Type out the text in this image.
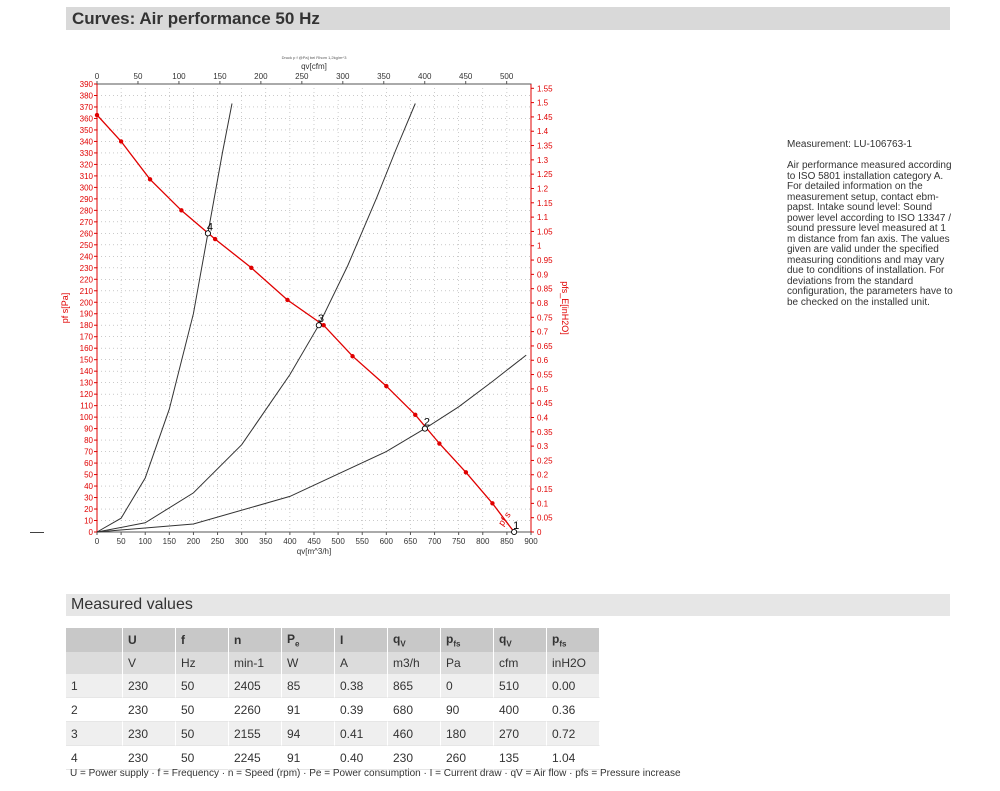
Curves: Air performance 50 Hz
0 50 100 150 200 250 300 350 400 450 500 550 600 650 700 750 800 850 900
0	50	100	150	200	250	300	350	400	450	500
0
10
20
30
40
50
60
70
80
90
100
110
120
130
140
150
160
170
180
190
200
210
220
230
240
250
260
270
280
290
300
310
320
330
340
350
360
370
380
390
0
0.05
0.1
0.15
0.2
0.25
0.3
0.35
0.4
0.45
0.5
0.55
0.6
0.65
0.7
0.75
0.8
0.85
0.9
0.95
1
1.05
1.1
1.15
1.2
1.25
1.3
1.35
1.4
1.45
1.5
1.55
qv[m^3/h]
qv[cfm]
Druck p f @Pa] bei Rhom 1,2kg/m^3
pf s[Pa]	pfs_E[inH2O]
1
2
3
4
pf s
—
Measurement: LU-106763-1
Air performance measured according to ISO 5801 installation category A. For detailed information on the measurement setup, contact ebm-papst. Intake sound level: Sound power level according to ISO 13347 / sound pressure level measured at 1 m distance from fan axis. The values given are valid under the specified measuring conditions and may vary due to conditions of installation. For deviations from the standard configuration, the parameters have to be checked on the installed unit.
Measured values
	U	f	n	$P_e$	I	$q_V$	$p_{fs}$	$q_V$	$p_{fs}$
	V	Hz	min-1	W	A	m3/h	Pa	cfm	inH2O
1	230	50	2405	85	0.38	865	0	510	0.00
2	230	50	2260	91	0.39	680	90	400	0.36
3	230	50	2155	94	0.41	460	180	270	0.72
4	230	50	2245	91	0.40	230	260	135	1.04
U = Power supply · f = Frequency · n = Speed (rpm) · Pe = Power consumption · I = Current draw · qV = Air flow · pfs = Pressure increase
